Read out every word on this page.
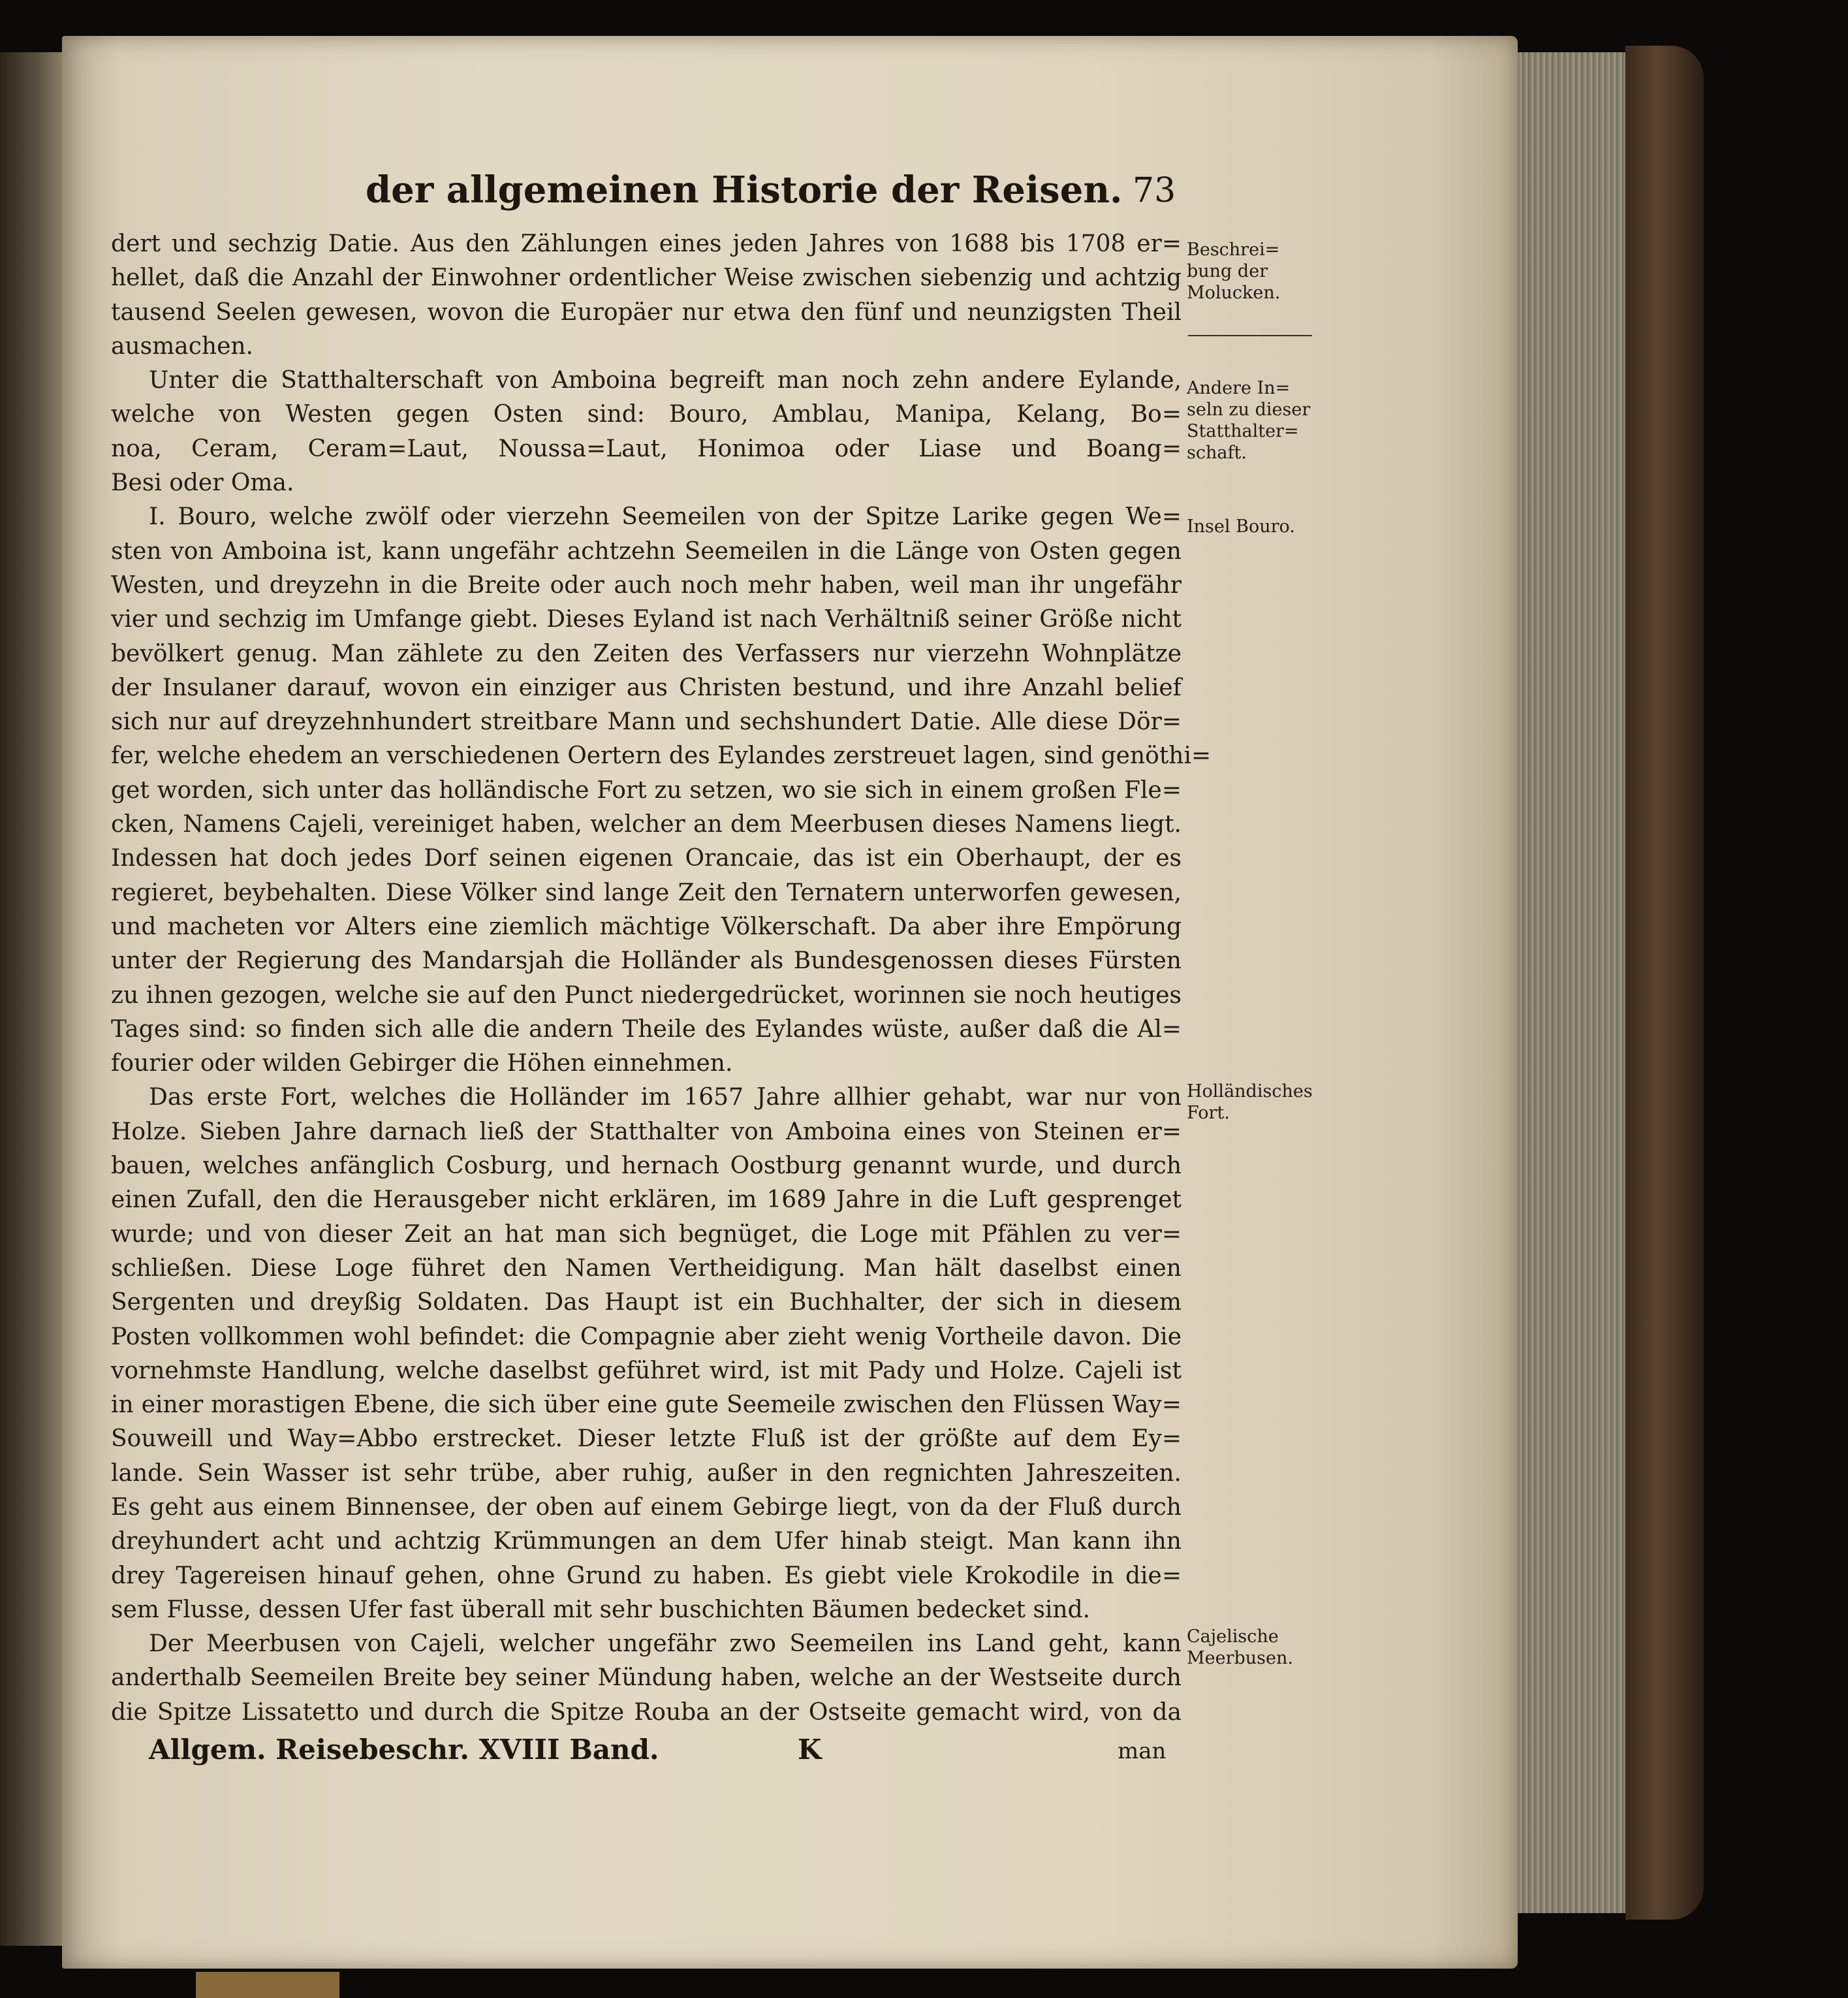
der allgemeinen Historie der Reisen. 73
dert und sechzig Datie. Aus den Zählungen eines jeden Jahres von 1688 bis 1708 er=
hellet, daß die Anzahl der Einwohner ordentlicher Weise zwischen siebenzig und achtzig
tausend Seelen gewesen, wovon die Europäer nur etwa den fünf und neunzigsten Theil
ausmachen.
Unter die Statthalterschaft von Amboina begreift man noch zehn andere Eylande,
welche von Westen gegen Osten sind: Bouro, Amblau, Manipa, Kelang, Bo=
noa, Ceram, Ceram=Laut, Noussa=Laut, Honimoa oder Liase und Boang=
Besi oder Oma.
I. Bouro, welche zwölf oder vierzehn Seemeilen von der Spitze Larike gegen We=
sten von Amboina ist, kann ungefähr achtzehn Seemeilen in die Länge von Osten gegen
Westen, und dreyzehn in die Breite oder auch noch mehr haben, weil man ihr ungefähr
vier und sechzig im Umfange giebt. Dieses Eyland ist nach Verhältniß seiner Größe nicht
bevölkert genug. Man zählete zu den Zeiten des Verfassers nur vierzehn Wohnplätze
der Insulaner darauf, wovon ein einziger aus Christen bestund, und ihre Anzahl belief
sich nur auf dreyzehnhundert streitbare Mann und sechshundert Datie. Alle diese Dör=
fer, welche ehedem an verschiedenen Oertern des Eylandes zerstreuet lagen, sind genöthi=
get worden, sich unter das holländische Fort zu setzen, wo sie sich in einem großen Fle=
cken, Namens Cajeli, vereiniget haben, welcher an dem Meerbusen dieses Namens liegt.
Indessen hat doch jedes Dorf seinen eigenen Orancaie, das ist ein Oberhaupt, der es
regieret, beybehalten. Diese Völker sind lange Zeit den Ternatern unterworfen gewesen,
und macheten vor Alters eine ziemlich mächtige Völkerschaft. Da aber ihre Empörung
unter der Regierung des Mandarsjah die Holländer als Bundesgenossen dieses Fürsten
zu ihnen gezogen, welche sie auf den Punct niedergedrücket, worinnen sie noch heutiges
Tages sind: so finden sich alle die andern Theile des Eylandes wüste, außer daß die Al=
fourier oder wilden Gebirger die Höhen einnehmen.
Das erste Fort, welches die Holländer im 1657 Jahre allhier gehabt, war nur von
Holze. Sieben Jahre darnach ließ der Statthalter von Amboina eines von Steinen er=
bauen, welches anfänglich Cosburg, und hernach Oostburg genannt wurde, und durch
einen Zufall, den die Herausgeber nicht erklären, im 1689 Jahre in die Luft gesprenget
wurde; und von dieser Zeit an hat man sich begnüget, die Loge mit Pfählen zu ver=
schließen. Diese Loge führet den Namen Vertheidigung. Man hält daselbst einen
Sergenten und dreyßig Soldaten. Das Haupt ist ein Buchhalter, der sich in diesem
Posten vollkommen wohl befindet: die Compagnie aber zieht wenig Vortheile davon. Die
vornehmste Handlung, welche daselbst geführet wird, ist mit Pady und Holze. Cajeli ist
in einer morastigen Ebene, die sich über eine gute Seemeile zwischen den Flüssen Way=
Souweill und Way=Abbo erstrecket. Dieser letzte Fluß ist der größte auf dem Ey=
lande. Sein Wasser ist sehr trübe, aber ruhig, außer in den regnichten Jahreszeiten.
Es geht aus einem Binnensee, der oben auf einem Gebirge liegt, von da der Fluß durch
dreyhundert acht und achtzig Krümmungen an dem Ufer hinab steigt. Man kann ihn
drey Tagereisen hinauf gehen, ohne Grund zu haben. Es giebt viele Krokodile in die=
sem Flusse, dessen Ufer fast überall mit sehr buschichten Bäumen bedecket sind.
Der Meerbusen von Cajeli, welcher ungefähr zwo Seemeilen ins Land geht, kann
anderthalb Seemeilen Breite bey seiner Mündung haben, welche an der Westseite durch
die Spitze Lissatetto und durch die Spitze Rouba an der Ostseite gemacht wird, von da
Beschrei=
bung der
Molucken.
Andere In=
seln zu dieser
Statthalter=
schaft.
Insel Bouro.
Holländisches
Fort.
Cajelische
Meerbusen.
Allgem. Reisebeschr. XVIII Band.	K	man
